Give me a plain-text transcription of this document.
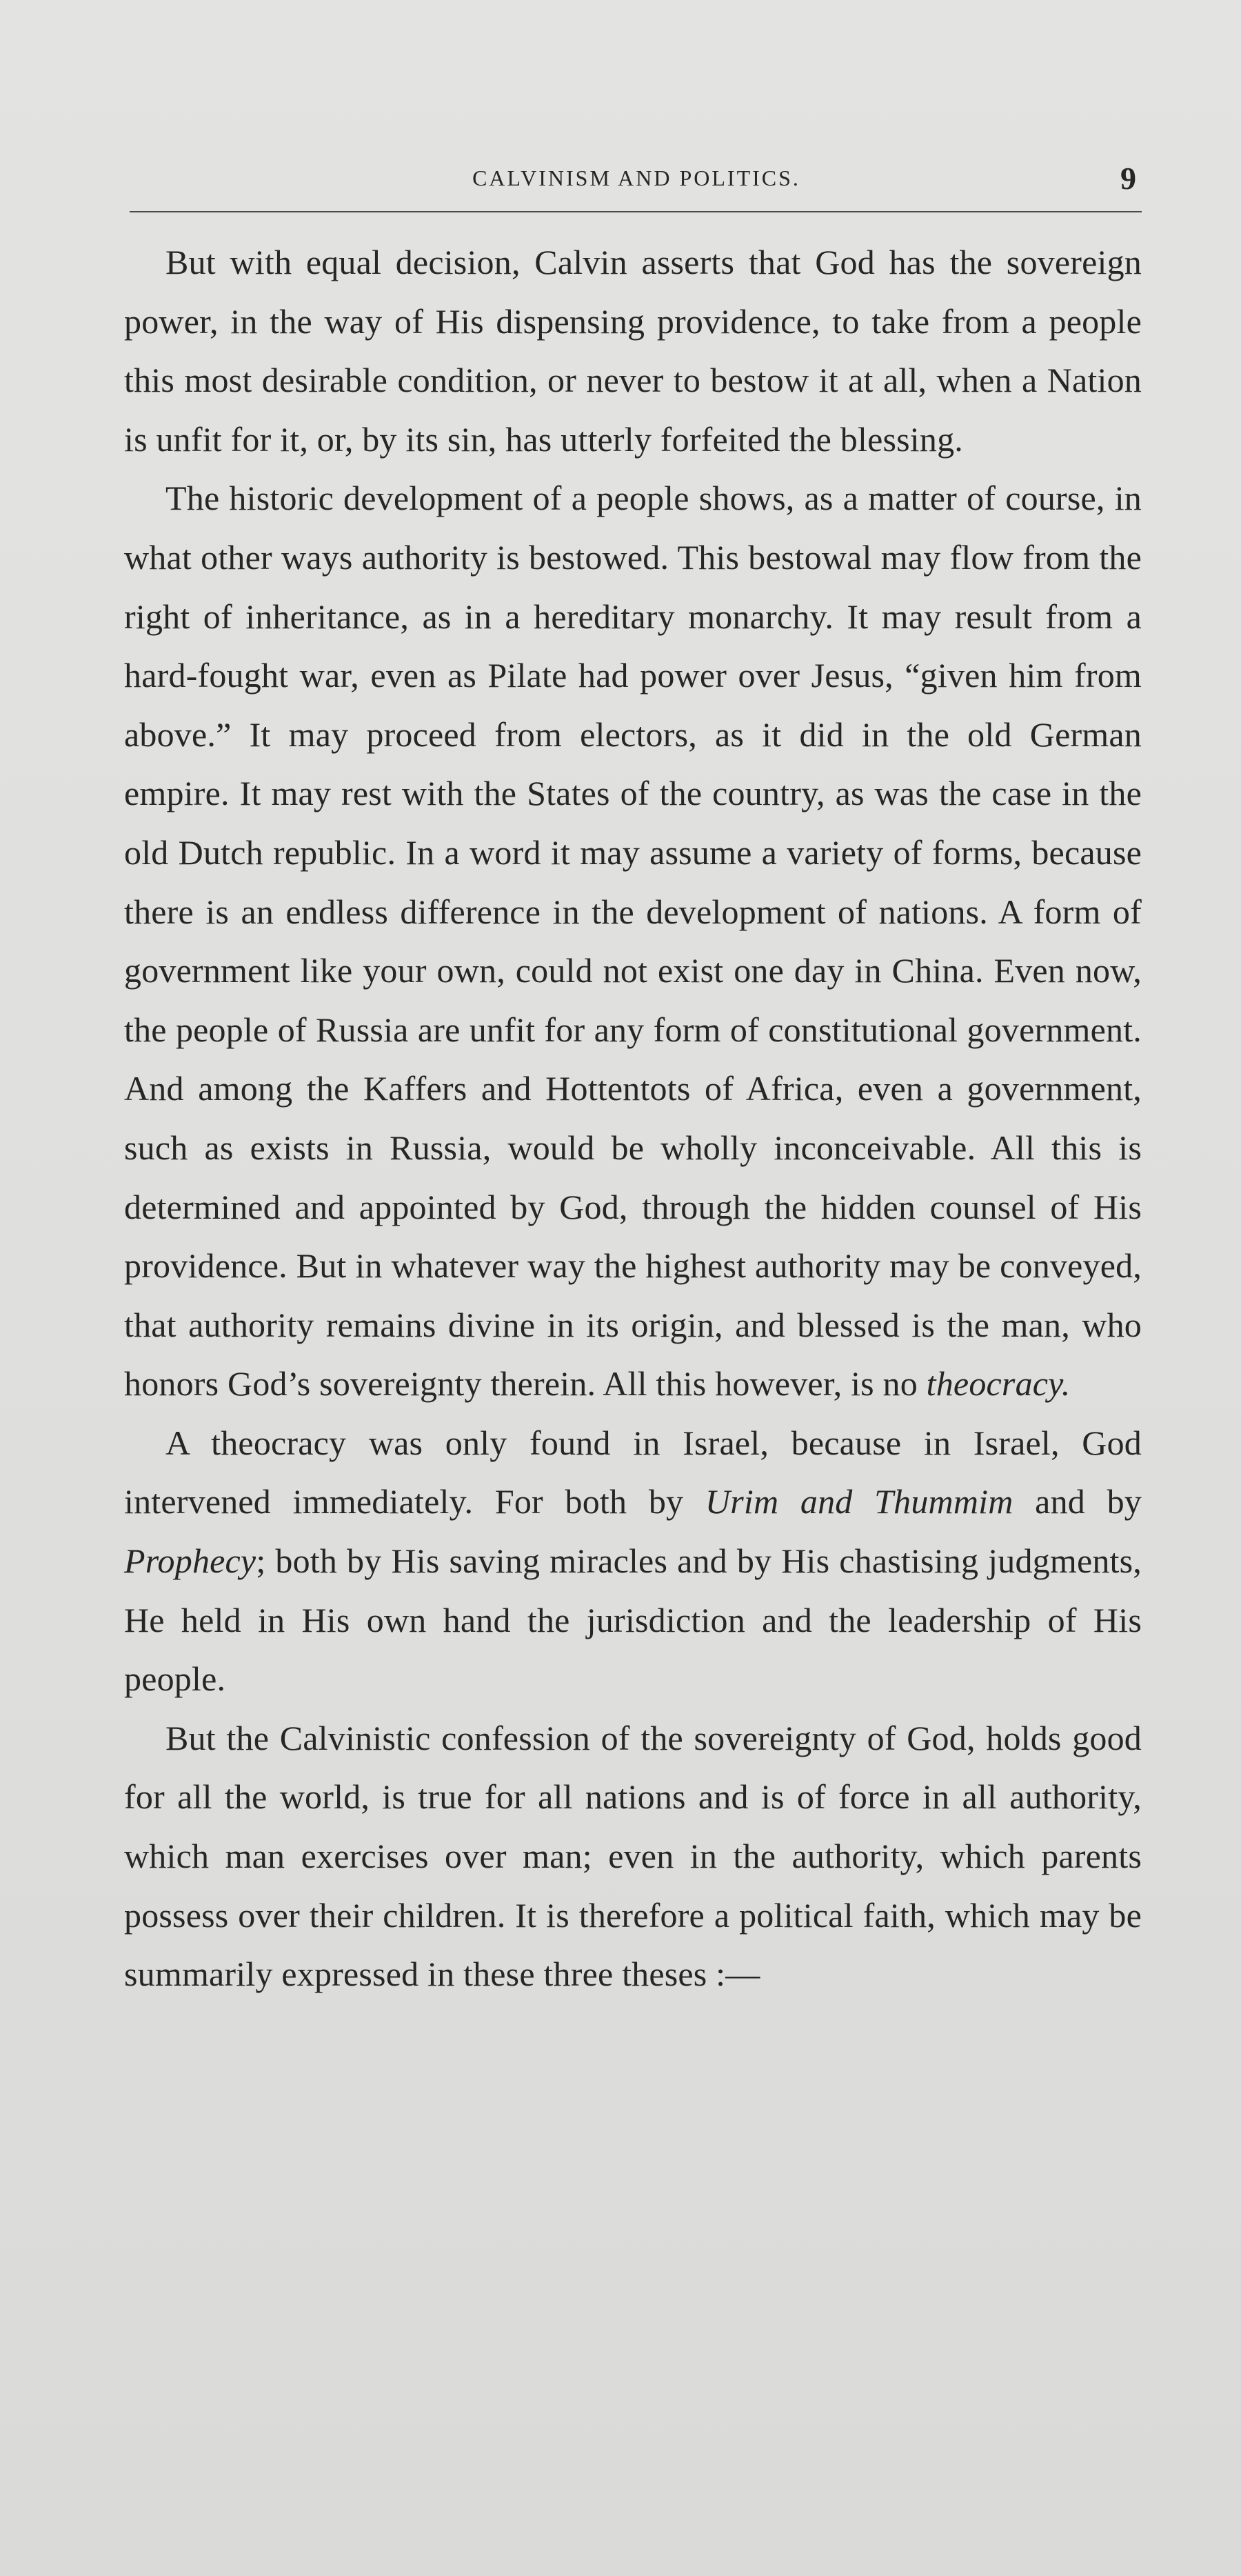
CALVINISM AND POLITICS.	9

But with equal decision, Calvin asserts that God has the sovereign power, in the way of His dispensing providence, to take from a people this most desirable condition, or never to bestow it at all, when a Nation is unfit for it, or, by its sin, has utterly forfeited the blessing.

The historic development of a people shows, as a matter of course, in what other ways authority is bestowed. This bestowal may flow from the right of inheritance, as in a hereditary monarchy. It may result from a hard-fought war, even as Pilate had power over Jesus, “given him from above.” It may proceed from electors, as it did in the old German empire. It may rest with the States of the country, as was the case in the old Dutch republic. In a word it may assume a variety of forms, because there is an endless difference in the development of nations. A form of government like your own, could not exist one day in China. Even now, the people of Russia are unfit for any form of constitutional government. And among the Kaffers and Hottentots of Africa, even a government, such as exists in Russia, would be wholly inconceivable. All this is determined and appointed by God, through the hidden counsel of His providence. But in whatever way the highest authority may be conveyed, that authority remains divine in its origin, and blessed is the man, who honors God’s sovereignty therein. All this however, is no theocracy.

A theocracy was only found in Israel, because in Israel, God intervened immediately. For both by Urim and Thummim and by Prophecy; both by His saving miracles and by His chastising judgments, He held in His own hand the jurisdiction and the leadership of His people.

But the Calvinistic confession of the sovereignty of God, holds good for all the world, is true for all nations and is of force in all authority, which man exercises over man; even in the authority, which parents possess over their children. It is therefore a political faith, which may be summarily expressed in these three theses :—
